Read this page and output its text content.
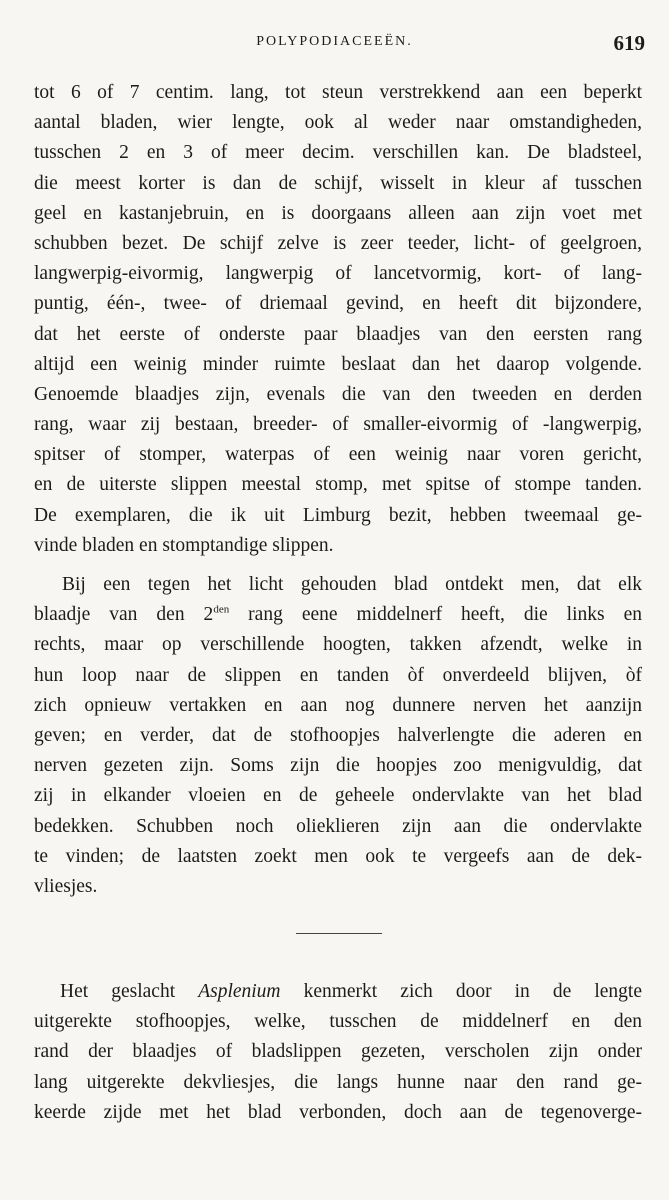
POLYPODIACEEËN.	619
tot 6 of 7 centim. lang, tot steun verstrekkend aan een beperkt
aantal bladen, wier lengte, ook al weder naar omstandigheden,
tusschen 2 en 3 of meer decim. verschillen kan. De bladsteel,
die meest korter is dan de schijf, wisselt in kleur af tusschen
geel en kastanjebruin, en is doorgaans alleen aan zijn voet met
schubben bezet. De schijf zelve is zeer teeder, licht- of geelgroen,
langwerpig-eivormig, langwerpig of lancetvormig, kort- of lang-
puntig, één-, twee- of driemaal gevind, en heeft dit bijzondere,
dat het eerste of onderste paar blaadjes van den eersten rang
altijd een weinig minder ruimte beslaat dan het daarop volgende.
Genoemde blaadjes zijn, evenals die van den tweeden en derden
rang, waar zij bestaan, breeder- of smaller-eivormig of -langwerpig,
spitser of stomper, waterpas of een weinig naar voren gericht,
en de uiterste slippen meestal stomp, met spitse of stompe tanden.
De exemplaren, die ik uit Limburg bezit, hebben tweemaal ge-
vinde bladen en stomptandige slippen.
Bij een tegen het licht gehouden blad ontdekt men, dat elk
blaadje van den $2^{den}$ rang eene middelnerf heeft, die links en
rechts, maar op verschillende hoogten, takken afzendt, welke in
hun loop naar de slippen en tanden òf onverdeeld blijven, òf
zich opnieuw vertakken en aan nog dunnere nerven het aanzijn
geven; en verder, dat de stofhoopjes halverlengte die aderen en
nerven gezeten zijn. Soms zijn die hoopjes zoo menigvuldig, dat
zij in elkander vloeien en de geheele ondervlakte van het blad
bedekken. Schubben noch olieklieren zijn aan die ondervlakte
te vinden; de laatsten zoekt men ook te vergeefs aan de dek-
vliesjes.
Het geslacht Asplenium kenmerkt zich door in de lengte
uitgerekte stofhoopjes, welke, tusschen de middelnerf en den
rand der blaadjes of bladslippen gezeten, verscholen zijn onder
lang uitgerekte dekvliesjes, die langs hunne naar den rand ge-
keerde zijde met het blad verbonden, doch aan de tegenoverge-
